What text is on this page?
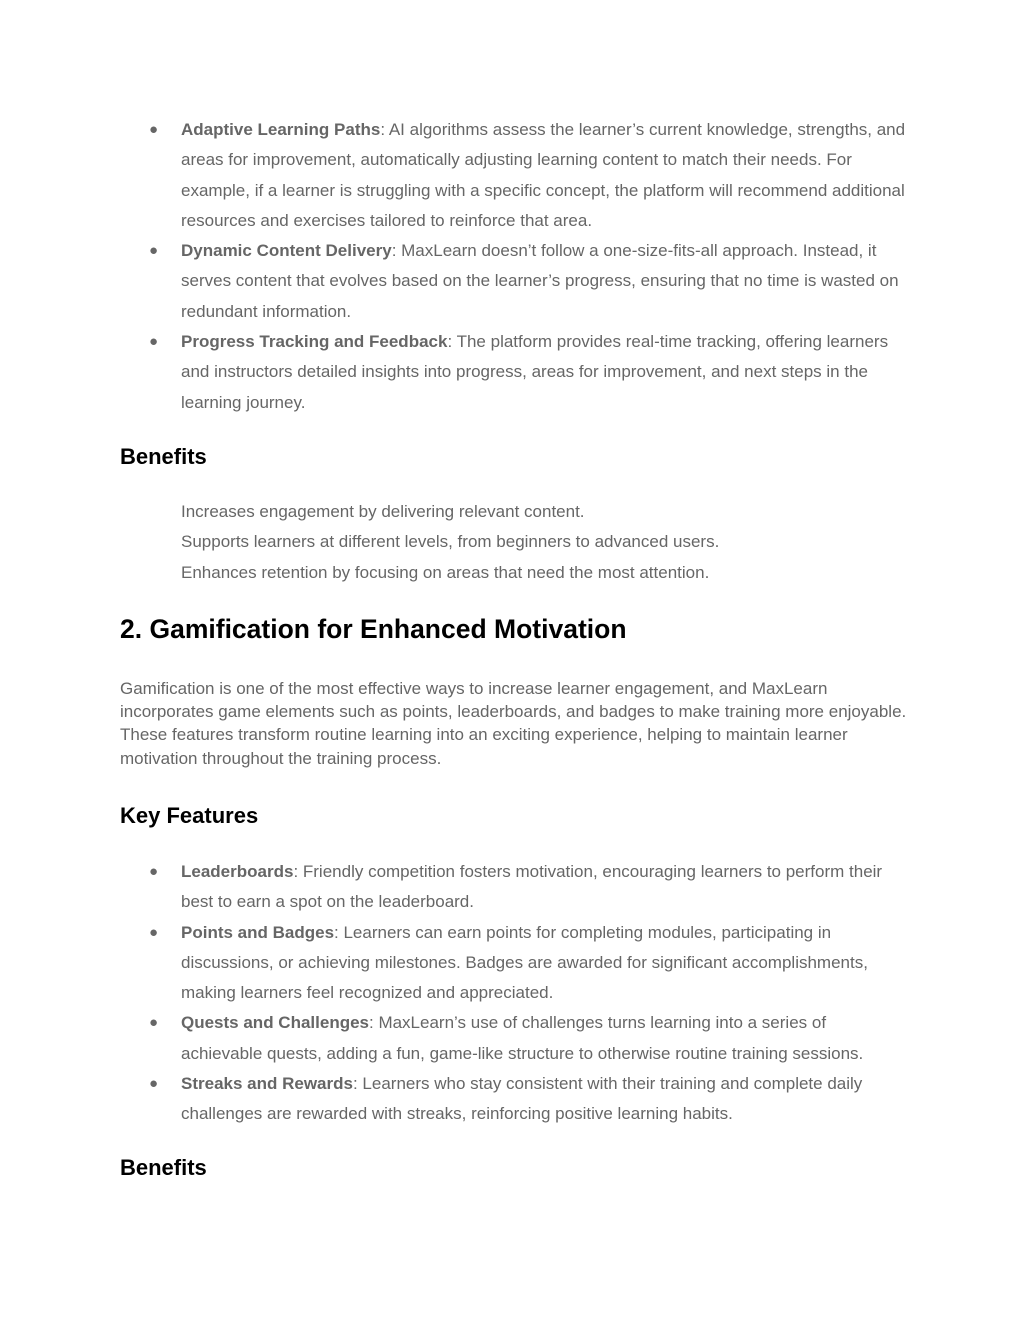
● Adaptive Learning Paths: AI algorithms assess the learner’s current knowledge, strengths, and areas for improvement, automatically adjusting learning content to match their needs. For example, if a learner is struggling with a specific concept, the platform will recommend additional resources and exercises tailored to reinforce that area.
● Dynamic Content Delivery: MaxLearn doesn’t follow a one-size-fits-all approach. Instead, it serves content that evolves based on the learner’s progress, ensuring that no time is wasted on redundant information.
● Progress Tracking and Feedback: The platform provides real-time tracking, offering learners and instructors detailed insights into progress, areas for improvement, and next steps in the learning journey.
Benefits
Increases engagement by delivering relevant content.
Supports learners at different levels, from beginners to advanced users.
Enhances retention by focusing on areas that need the most attention.
2. Gamification for Enhanced Motivation

Gamification is one of the most effective ways to increase learner engagement, and MaxLearn incorporates game elements such as points, leaderboards, and badges to make training more enjoyable. These features transform routine learning into an exciting experience, helping to maintain learner motivation throughout the training process.

Key Features
● Leaderboards: Friendly competition fosters motivation, encouraging learners to perform their best to earn a spot on the leaderboard.
● Points and Badges: Learners can earn points for completing modules, participating in discussions, or achieving milestones. Badges are awarded for significant accomplishments, making learners feel recognized and appreciated.
● Quests and Challenges: MaxLearn’s use of challenges turns learning into a series of achievable quests, adding a fun, game-like structure to otherwise routine training sessions.
● Streaks and Rewards: Learners who stay consistent with their training and complete daily challenges are rewarded with streaks, reinforcing positive learning habits.
Benefits
